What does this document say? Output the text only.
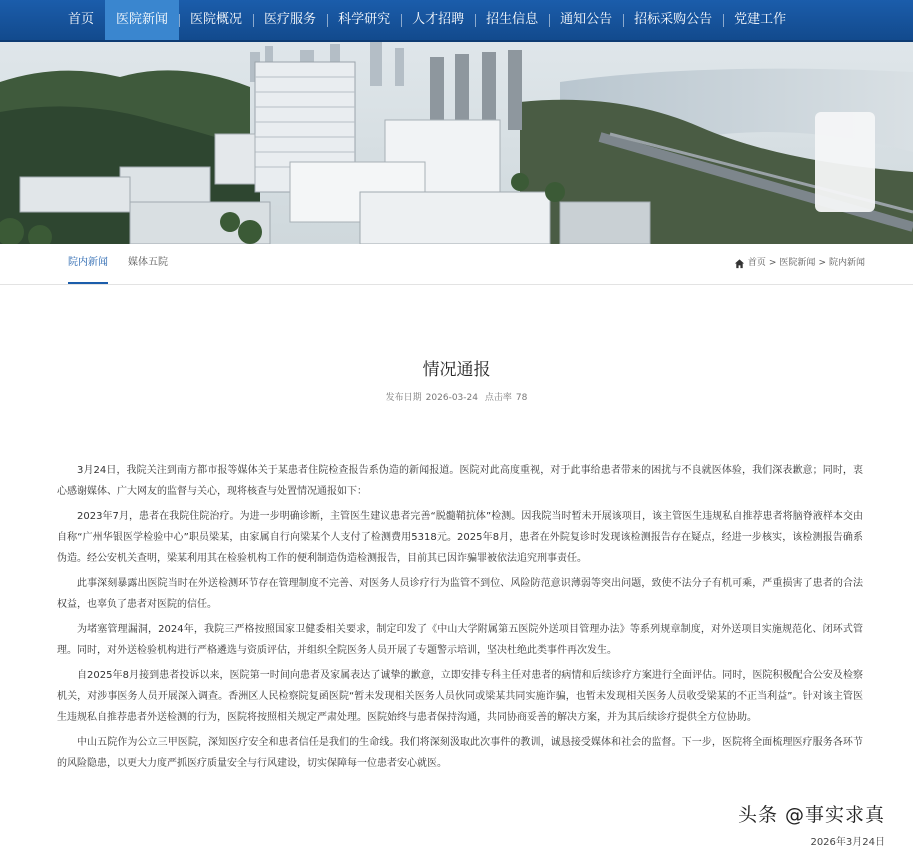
首页	医院新闻	医院概况	医疗服务	科学研究	人才招聘	招生信息	通知公告	招标采购公告	党建工作
院内新闻 媒体五院	首页 > 医院新闻 > 院内新闻
情况通报
发布日期 2026-03-24 点击率 78

3月24日，我院关注到南方都市报等媒体关于某患者住院检查报告系伪造的新闻报道。医院对此高度重视，对于此事给患者带来的困扰与不良就医体验，我们深表歉意；同时，衷心感谢媒体、广大网友的监督与关心，现将核查与处置情况通报如下：

2023年7月，患者在我院住院治疗。为进一步明确诊断，主管医生建议患者完善“脱髓鞘抗体”检测。因我院当时暂未开展该项目，该主管医生违规私自推荐患者将脑脊液样本交由自称“广州华银医学检验中心”职员梁某，由家属自行向梁某个人支付了检测费用5318元。2025年8月，患者在外院复诊时发现该检测报告存在疑点，经进一步核实，该检测报告确系伪造。经公安机关查明，梁某利用其在检验机构工作的便利制造伪造检测报告，目前其已因诈骗罪被依法追究刑事责任。

此事深刻暴露出医院当时在外送检测环节存在管理制度不完善、对医务人员诊疗行为监管不到位、风险防范意识薄弱等突出问题，致使不法分子有机可乘，严重损害了患者的合法权益，也辜负了患者对医院的信任。

为堵塞管理漏洞，2024年，我院三严格按照国家卫健委相关要求，制定印发了《中山大学附属第五医院外送项目管理办法》等系列规章制度，对外送项目实施规范化、闭环式管理。同时，对外送检验机构进行严格遴选与资质评估，并组织全院医务人员开展了专题警示培训，坚决杜绝此类事件再次发生。

自2025年8月接到患者投诉以来，医院第一时间向患者及家属表达了诚挚的歉意，立即安排专科主任对患者的病情和后续诊疗方案进行全面评估。同时，医院积极配合公安及检察机关，对涉事医务人员开展深入调查。香洲区人民检察院复函医院“暂未发现相关医务人员伙同或梁某共同实施诈骗，也暂未发现相关医务人员收受梁某的不正当利益”。针对该主管医生违规私自推荐患者外送检测的行为，医院将按照相关规定严肃处理。医院始终与患者保持沟通，共同协商妥善的解决方案，并为其后续诊疗提供全方位协助。

中山五院作为公立三甲医院，深知医疗安全和患者信任是我们的生命线。我们将深刻汲取此次事件的教训，诚恳接受媒体和社会的监督。下一步，医院将全面梳理医疗服务各环节的风险隐患，以更大力度严抓医疗质量安全与行风建设，切实保障每一位患者安心就医。

头条 @事实求真
2026年3月24日
